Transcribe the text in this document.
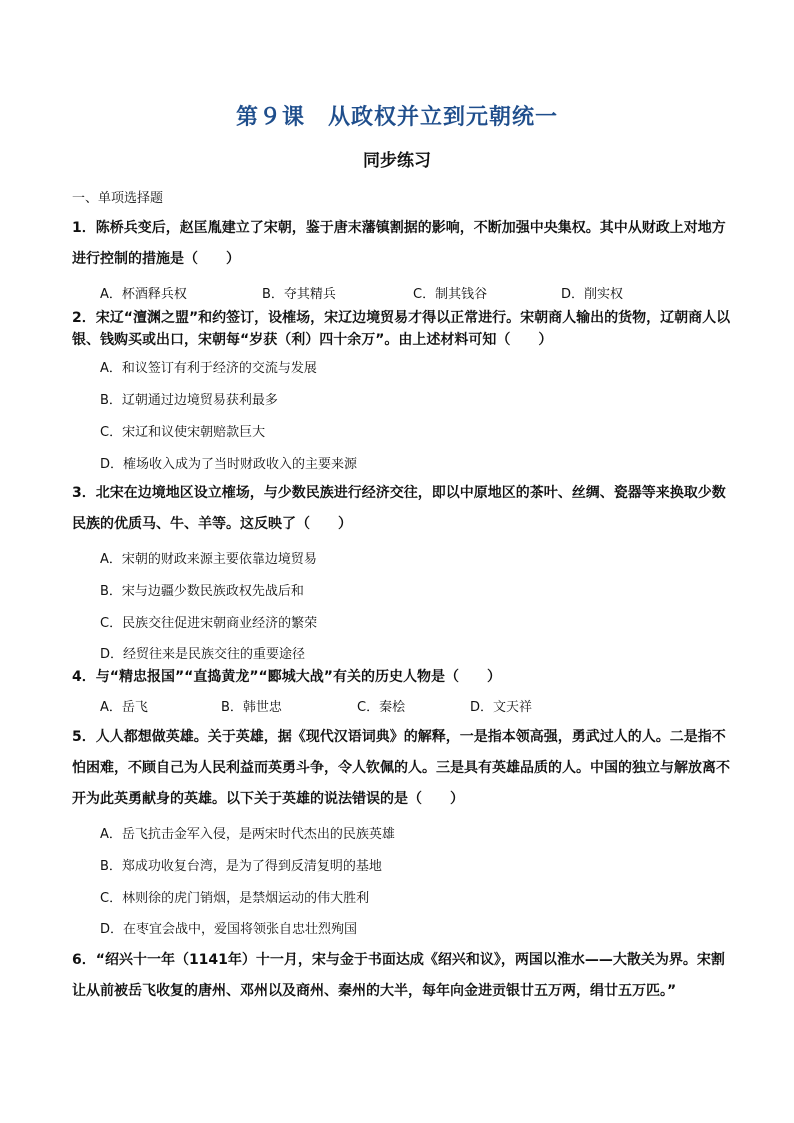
第９课　从政权并立到元朝统一
同步练习
一、单项选择题
1．陈桥兵变后，赵匡胤建立了宋朝，鉴于唐末藩镇割据的影响，不断加强中央集权。其中从财政上对地方进行控制的措施是（　　）
A．杯酒释兵权	B．夺其精兵	C．制其钱谷	D．削实权
2．宋辽“澶渊之盟”和约签订，设榷场，宋辽边境贸易才得以正常进行。宋朝商人输出的货物，辽朝商人以银、钱购买或出口，宋朝每“岁获（利）四十余万”。由上述材料可知（　　）
A．和议签订有利于经济的交流与发展
B．辽朝通过边境贸易获利最多
C．宋辽和议使宋朝赔款巨大
D．榷场收入成为了当时财政收入的主要来源
3．北宋在边境地区设立榷场，与少数民族进行经济交往，即以中原地区的茶叶、丝绸、瓷器等来换取少数民族的优质马、牛、羊等。这反映了（　　）
A．宋朝的财政来源主要依靠边境贸易
B．宋与边疆少数民族政权先战后和
C．民族交往促进宋朝商业经济的繁荣
D．经贸往来是民族交往的重要途径
4．与“精忠报国”“直捣黄龙”“郾城大战”有关的历史人物是（　　）
A．岳飞	B．韩世忠	C．秦桧	D．文天祥
5．人人都想做英雄。关于英雄，据《现代汉语词典》的解释，一是指本领高强，勇武过人的人。二是指不怕困难，不顾自己为人民利益而英勇斗争，令人钦佩的人。三是具有英雄品质的人。中国的独立与解放离不开为此英勇献身的英雄。以下关于英雄的说法错误的是（　　）
A．岳飞抗击金军入侵，是两宋时代杰出的民族英雄
B．郑成功收复台湾，是为了得到反清复明的基地
C．林则徐的虎门销烟，是禁烟运动的伟大胜利
D．在枣宜会战中，爱国将领张自忠壮烈殉国
6．“绍兴十一年（1141年）十一月，宋与金于书面达成《绍兴和议》，两国以淮水——大散关为界。宋割让从前被岳飞收复的唐州、邓州以及商州、秦州的大半，每年向金进贡银廿五万两，绢廿五万匹。”
